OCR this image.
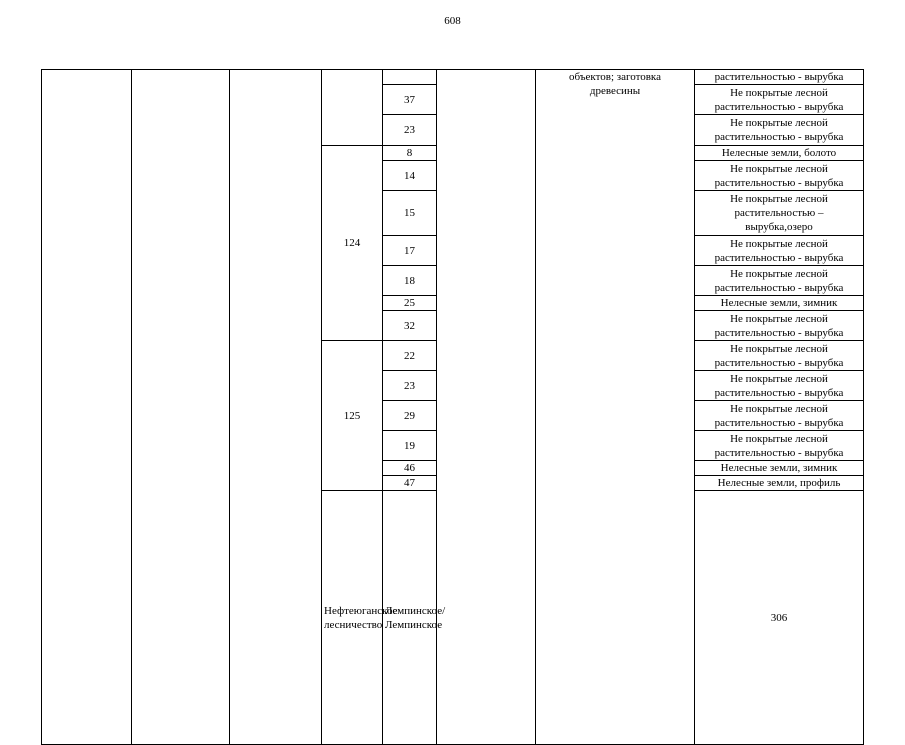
608
						объектов; заготовка
древесины	растительностью - вырубка	
				37			Не покрытые лесной
растительностью - вырубка	
				23			Не покрытые лесной
растительностью - вырубка	
			124	8			Нелесные земли, болото	
				14			Не покрытые лесной
растительностью - вырубка	
				15			Не покрытые лесной
растительностью –
вырубка,озеро	
				17			Не покрытые лесной
растительностью - вырубка	
				18			Не покрытые лесной
растительностью - вырубка	
				25			Нелесные земли, зимник	
				32			Не покрытые лесной
растительностью - вырубка	
			125	22			Не покрытые лесной
растительностью - вырубка	
				23			Не покрытые лесной
растительностью - вырубка	
				29			Не покрытые лесной
растительностью - вырубка	
				19			Не покрытые лесной
растительностью - вырубка	
				46			Нелесные земли, зимник	
				47			Нелесные земли, профиль	
			Нефтеюганское
лесничество	Лемпинское/
Лемпинское			306				
